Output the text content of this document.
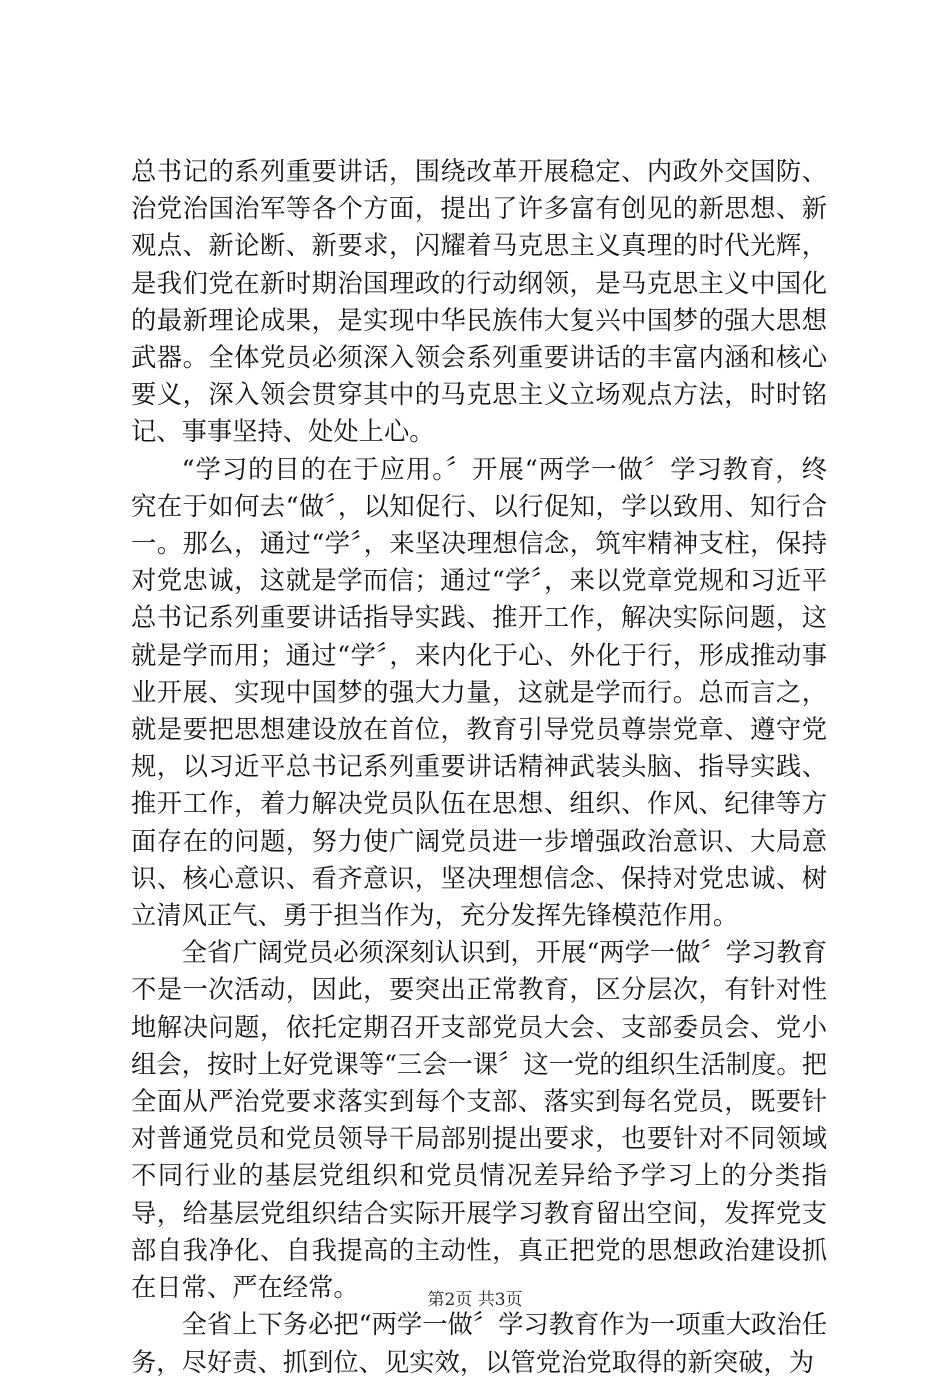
总书记的系列重要讲话，围绕改革开展稳定、内政外交国防、治党治国治军等各个方面，提出了许多富有创见的新思想、新观点、新论断、新要求，闪耀着马克思主义真理的时代光辉，是我们党在新时期治国理政的行动纲领，是马克思主义中国化的最新理论成果，是实现中华民族伟大复兴中国梦的强大思想武器。全体党员必须深入领会系列重要讲话的丰富内涵和核心要义，深入领会贯穿其中的马克思主义立场观点方法，时时铭记、事事坚持、处处上心。

“学习的目的在于应用。〞开展“两学一做〞学习教育，终究在于如何去“做〞，以知促行、以行促知，学以致用、知行合一。那么，通过“学〞，来坚决理想信念，筑牢精神支柱，保持对党忠诚，这就是学而信；通过“学〞，来以党章党规和习近平总书记系列重要讲话指导实践、推开工作，解决实际问题，这就是学而用；通过“学〞，来内化于心、外化于行，形成推动事业开展、实现中国梦的强大力量，这就是学而行。总而言之，就是要把思想建设放在首位，教育引导党员尊崇党章、遵守党规，以习近平总书记系列重要讲话精神武装头脑、指导实践、推开工作，着力解决党员队伍在思想、组织、作风、纪律等方面存在的问题，努力使广阔党员进一步增强政治意识、大局意识、核心意识、看齐意识，坚决理想信念、保持对党忠诚、树立清风正气、勇于担当作为，充分发挥先锋模范作用。

全省广阔党员必须深刻认识到，开展“两学一做〞学习教育不是一次活动，因此，要突出正常教育，区分层次，有针对性地解决问题，依托定期召开支部党员大会、支部委员会、党小组会，按时上好党课等“三会一课〞这一党的组织生活制度。把全面从严治党要求落实到每个支部、落实到每名党员，既要针对普通党员和党员领导干局部别提出要求，也要针对不同领域不同行业的基层党组织和党员情况差异给予学习上的分类指导，给基层党组织结合实际开展学习教育留出空间，发挥党支部自我净化、自我提高的主动性，真正把党的思想政治建设抓在日常、严在经常。

全省上下务必把“两学一做〞学习教育作为一项重大政治任务，尽好责、抓到位、见实效，以管党治党取得的新突破，为

第2页 共3页
